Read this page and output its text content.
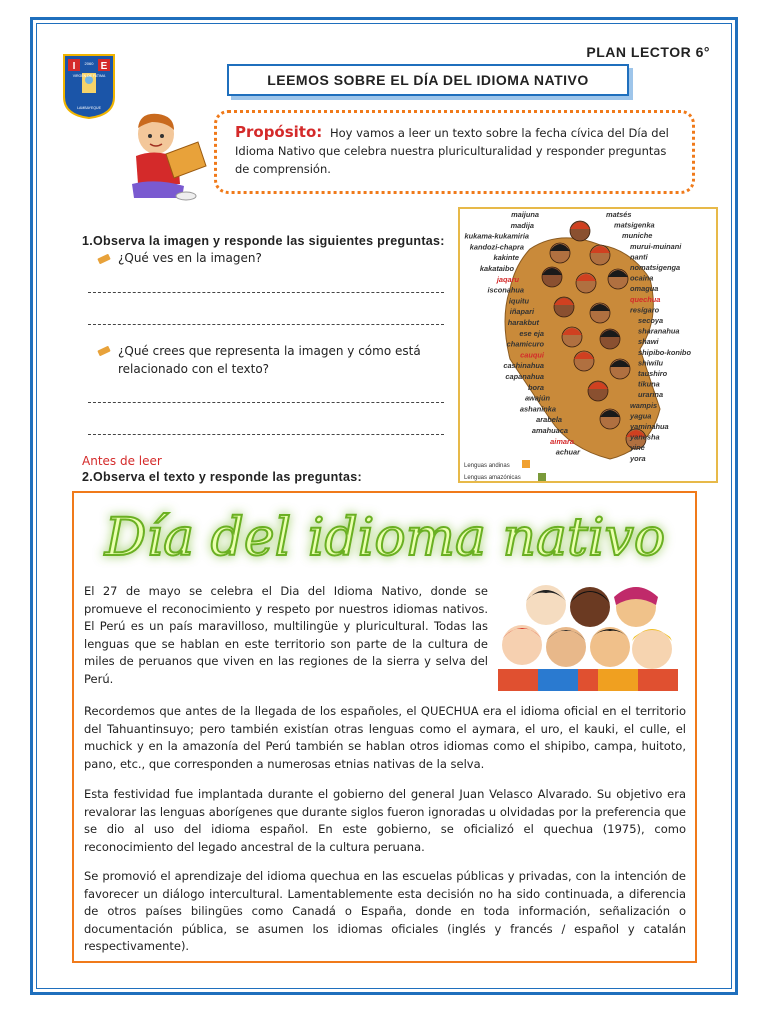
PLAN LECTOR 6°
LEEMOS SOBRE EL DÍA DEL IDIOMA NATIVO
I	E
2060
VIRGEN DE FATIMA
LAMBAYEQUE
Propósito: Hoy vamos a leer un texto sobre la fecha cívica del Día del Idioma Nativo que celebra nuestra pluriculturalidad y responder preguntas de comprensión.
1.Observa la imagen y responde las siguientes preguntas:
¿Qué ves en la imagen?
¿Qué crees que representa la imagen y cómo está relacionado con el texto?
Antes de leer
2.Observa el texto y responde las preguntas:
maijuna
madija
kukama-kukamiria
kandozi-chapra
kakinte
kakataibo
jaqaru
isconahua
iquitu
iñapari
harakbut
ese eja
chamicuro
cauqui
cashinahua
capanahua
bora
awajún
ashaninka
arabela
amahuaca
aimara
achuar
matsés
matsigenka
muniche
murui-muinani
nanti
nomatsigenga
ocaina
omagua
quechua
resígaro
secoya
sharanahua
shawi
shipibo-konibo
shiwilu
taushiro
tikuna
urarina
wampis
yagua
yaminahua
yanesha
yine
yora
Lenguas andinas
Lenguas amazónicas
Día del idioma nativo
El 27 de mayo se celebra el Dia del Idioma Nativo, donde se promueve el reconocimiento y respeto por nuestros idiomas nativos. El Perú es un país maravilloso, multilingüe y pluricultural. Todas las lenguas que se hablan en este territorio son parte de la cultura de miles de peruanos que viven en las regiones de la sierra y selva del Perú.
Recordemos que antes de la llegada de los españoles, el QUECHUA era el idioma oficial en el territorio del Tahuantinsuyo; pero también existían otras lenguas como el aymara, el uro, el kauki, el culle, el muchick y en la amazonía del Perú también se hablan otros idiomas como el shipibo, campa, huitoto, pano, etc., que corresponden a numerosas etnias nativas de la selva.
Esta festividad fue implantada durante el gobierno del general Juan Velasco Alvarado. Su objetivo era revalorar las lenguas aborígenes que durante siglos fueron ignoradas u olvidadas por la preferencia que se dio al uso del idioma español. En este gobierno, se oficializó el quechua (1975), como reconocimiento del legado ancestral de la cultura peruana.
Se promovió el aprendizaje del idioma quechua en las escuelas públicas y privadas, con la intención de favorecer un diálogo intercultural. Lamentablemente esta decisión no ha sido continuada, a diferencia de otros países bilingües como Canadá o España, donde en toda información, señalización o documentación pública, se asumen los idiomas oficiales (inglés y francés / español y catalán respectivamente).
